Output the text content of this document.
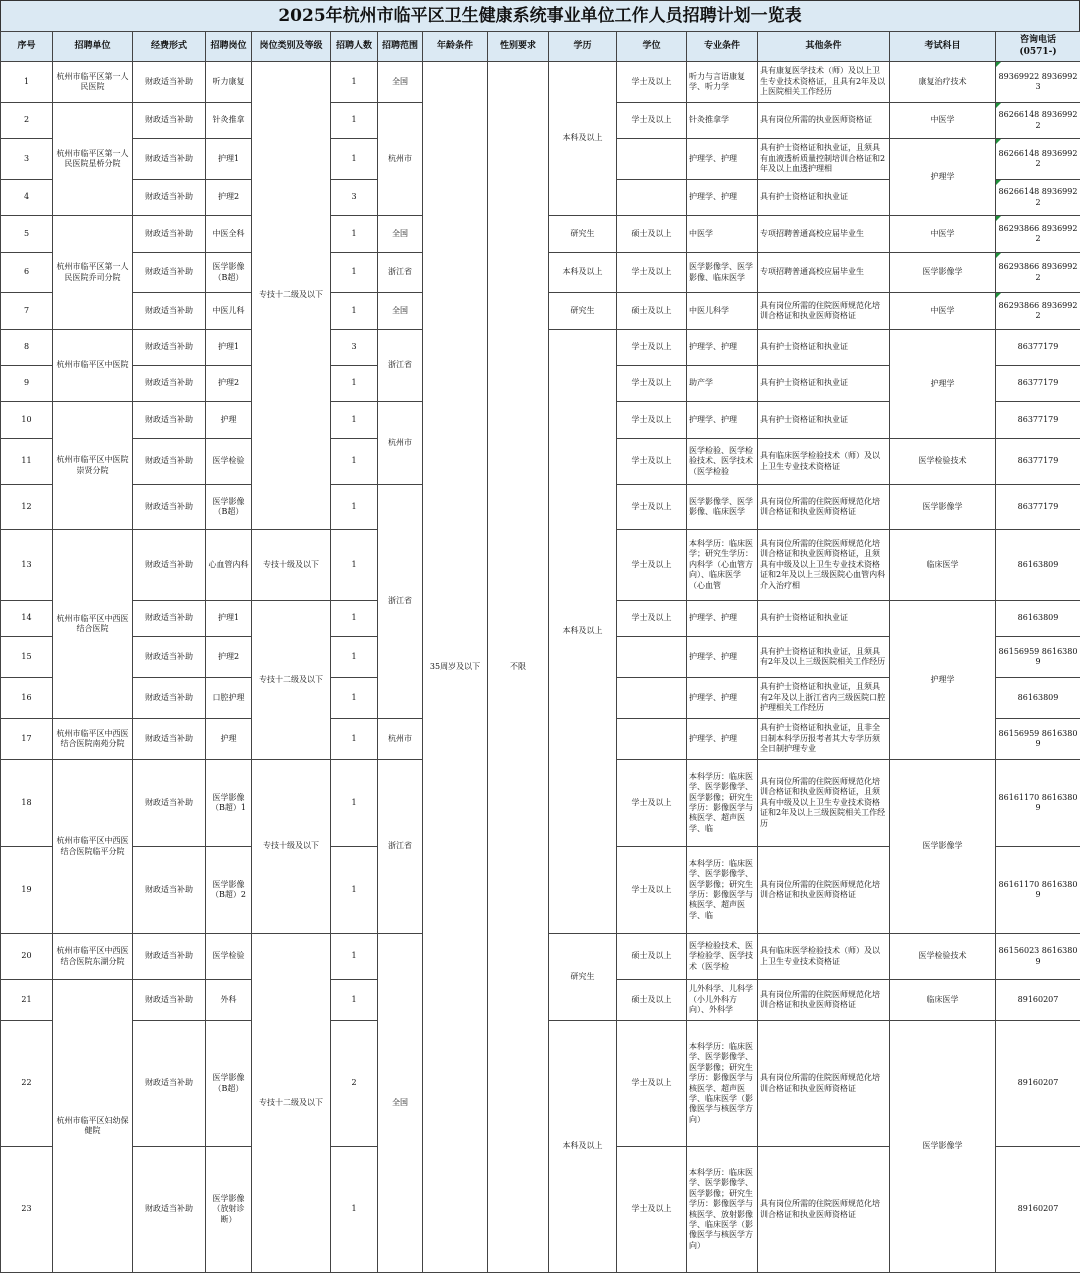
2025年杭州市临平区卫生健康系统事业单位工作人员招聘计划一览表
序号	招聘单位	经费形式	招聘岗位	岗位类别及等级	招聘人数	招聘范围	年龄条件	性别要求	学历	学位	专业条件	其他条件	考试科目	咨询电话
(0571-)

1	杭州市临平区第一人民医院	财政适当补助	听力康复	专技十二级及以下	1	全国	35周岁及以下	不限	本科及以上	学士及以上	听力与言语康复学、听力学	具有康复医学技术（师）及以上卫生专业技术资格证，且具有2年及以上医院相关工作经历	康复治疗技术	89369922 89369923

2	杭州市临平区第一人民医院星桥分院	财政适当补助	针灸推拿		1	杭州市				学士及以上	针灸推拿学	具有岗位所需的执业医师资格证	中医学	86266148 89369922

3		财政适当补助	护理1		1						护理学、护理	具有护士资格证和执业证，且须具有血液透析质量控制培训合格证和2年及以上血透护理相	护理学	86266148 89369922

4		财政适当补助	护理2		3						护理学、护理	具有护士资格证和执业证		86266148 89369922

5	杭州市临平区第一人民医院乔司分院	财政适当补助	中医全科		1	全国			研究生	硕士及以上	中医学	专项招聘普通高校应届毕业生	中医学	86293866 89369922

6		财政适当补助	医学影像（B超）		1	浙江省			本科及以上	学士及以上	医学影像学、医学影像、临床医学	专项招聘普通高校应届毕业生	医学影像学	86293866 89369922

7		财政适当补助	中医儿科		1	全国			研究生	硕士及以上	中医儿科学	具有岗位所需的住院医师规范化培训合格证和执业医师资格证	中医学	86293866 89369922

8	杭州市临平区中医院	财政适当补助	护理1		3	浙江省			本科及以上	学士及以上	护理学、护理	具有护士资格证和执业证	护理学	86377179

9		财政适当补助	护理2		1					学士及以上	助产学	具有护士资格证和执业证		86377179

10	杭州市临平区中医院崇贤分院	财政适当补助	护理		1	杭州市				学士及以上	护理学、护理	具有护士资格证和执业证		86377179

11		财政适当补助	医学检验		1					学士及以上	医学检验、医学检验技术、医学技术（医学检验	具有临床医学检验技术（师）及以上卫生专业技术资格证	医学检验技术	86377179

12		财政适当补助	医学影像（B超）		1	浙江省				学士及以上	医学影像学、医学影像、临床医学	具有岗位所需的住院医师规范化培训合格证和执业医师资格证	医学影像学	86377179

13	杭州市临平区中西医结合医院	财政适当补助	心血管内科	专技十级及以下	1					学士及以上	本科学历：临床医学；研究生学历：内科学（心血管方向）、临床医学（心血管	具有岗位所需的住院医师规范化培训合格证和执业医师资格证，且须具有中级及以上卫生专业技术资格证和2年及以上三级医院心血管内科介入治疗相	临床医学	86163809

14		财政适当补助	护理1	专技十二级及以下	1					学士及以上	护理学、护理	具有护士资格证和执业证	护理学	86163809

15		财政适当补助	护理2		1						护理学、护理	具有护士资格证和执业证，且须具有2年及以上三级医院相关工作经历		86156959 86163809

16		财政适当补助	口腔护理		1						护理学、护理	具有护士资格证和执业证，且须具有2年及以上浙江省内三级医院口腔护理相关工作经历		86163809

17	杭州市临平区中西医结合医院南苑分院	财政适当补助	护理		1	杭州市					护理学、护理	具有护士资格证和执业证，且非全日制本科学历报考者其大专学历须全日制护理专业		86156959 86163809

18	杭州市临平区中西医结合医院临平分院	财政适当补助	医学影像（B超）1	专技十级及以下	1	浙江省				学士及以上	本科学历：临床医学、医学影像学、医学影像；研究生学历：影像医学与核医学、超声医学、临	具有岗位所需的住院医师规范化培训合格证和执业医师资格证，且须具有中级及以上卫生专业技术资格证和2年及以上三级医院相关工作经历	医学影像学	86161170 86163809

19		财政适当补助	医学影像（B超）2		1					学士及以上	本科学历：临床医学、医学影像学、医学影像；研究生学历：影像医学与核医学、超声医学、临	具有岗位所需的住院医师规范化培训合格证和执业医师资格证		86161170 86163809

20	杭州市临平区中西医结合医院东湖分院	财政适当补助	医学检验	专技十二级及以下	1	全国			研究生	硕士及以上	医学检验技术、医学检验学、医学技术（医学检	具有临床医学检验技术（师）及以上卫生专业技术资格证	医学检验技术	86156023 86163809

21	杭州市临平区妇幼保健院	财政适当补助	外科		1					硕士及以上	儿外科学、儿科学（小儿外科方向）、外科学	具有岗位所需的住院医师规范化培训合格证和执业医师资格证	临床医学	89160207

22		财政适当补助	医学影像（B超）		2				本科及以上	学士及以上	本科学历：临床医学、医学影像学、医学影像；研究生学历：影像医学与核医学、超声医学、临床医学（影像医学与核医学方向）	具有岗位所需的住院医师规范化培训合格证和执业医师资格证	医学影像学	89160207

23		财政适当补助	医学影像（放射诊断）		1					学士及以上	本科学历：临床医学、医学影像学、医学影像；研究生学历：影像医学与核医学、放射影像学、临床医学（影像医学与核医学方向）	具有岗位所需的住院医师规范化培训合格证和执业医师资格证		89160207
